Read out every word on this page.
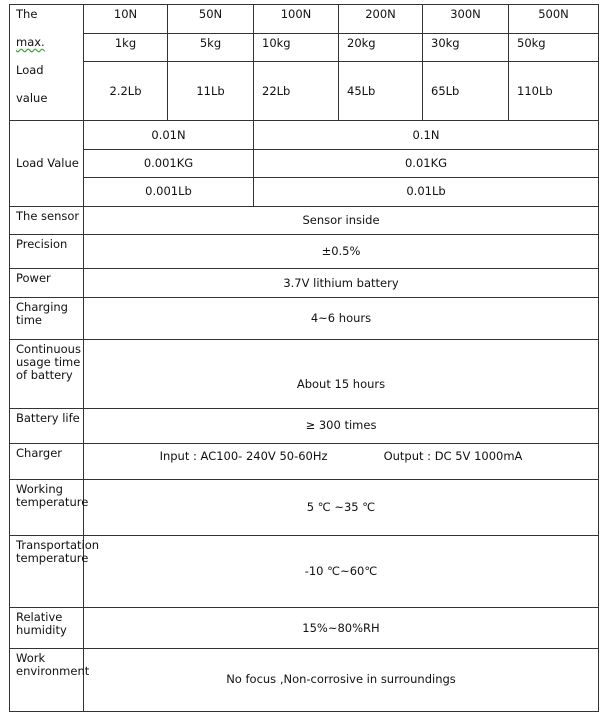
The
max.
Load
value	10N	50N	100N	200N	300N	500N
	1kg	5kg	10kg	20kg	30kg	50kg
	2.2Lb	11Lb	22Lb	45Lb	65Lb	110Lb
Load Value	0.01N		0.1N			
	0.001KG		0.01KG			
	0.001Lb		0.01Lb			
The sensor	Sensor inside					
Precision	±0.5%					
Power	3.7V lithium battery					
Charging time	4~6 hours					
Continuous usage time of battery	About 15 hours					
Battery life	≥ 300 times					
Charger	Input : AC100- 240V 50-60Hz Output : DC 5V 1000mA					

Working temperature	5 ℃ ~35 ℃					
Transportation temperature	-10 ℃~60℃					
Relative humidity	15%~80%RH					
Work environment	No focus ,Non-corrosive in surroundings					
